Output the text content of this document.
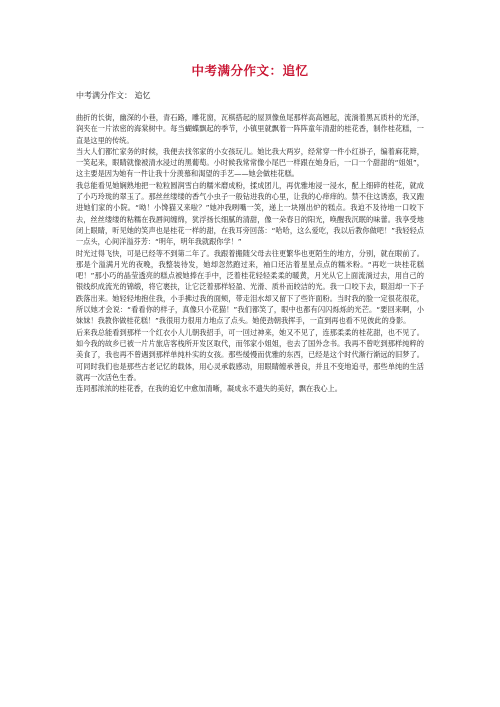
中考满分作文：追忆
中考满分作文： 追忆

曲折的长街，幽深的小巷，青石路，雕花窗，瓦棋搭起的屋顶像鱼尾那样高高翘起，流淌着黑瓦质朴的光泽，润夹在一片浓密的海棠树中。每当蝴蝶飘起的季节，小镇里就飘着一阵阵童年清甜的桂花香，制作桂花糕，一直是这里的传统。

当大人们都忙家务的时候，我便去找邻家的小女孩玩儿。她比我大两岁，经常穿一件小红褂子，编着麻花辫，一笑起来，眼睛就像被清水浸过的黑葡萄。小时候我常常像小尾巴一样跟在她身后，一口一个甜甜的“姐姐”，这主要是因为她有一件让我十分羡慕和渴望的手艺——她会做桂花糕。

我总能看见她娴熟地把一粒粒圆润雪白的糯米磨成粉，揉成团儿，再优雅地浸一浸水，配上细碎的桂花，就成了小巧玲珑的翠玉了。那丝丝缕缕的香气小虫子一般钻进我的心里，让我的心痒痒的。禁不住这诱惑，我又跑进她们家的小院。“呦！小馋猫又来啦？”她冲我咧嘴一笑，递上一块刚出炉的糕点。我迫不及待地一口咬下去，丝丝缕缕的粘糯在我唇间缠绵，犹浮扬长细腻的清甜，像一朵春日的阳光，唤醒我沉眠的味蕾。我享受地闭上眼睛，听见她的笑声也是桂花一样的甜，在我耳旁回荡：“哈哈，这么爱吃，我以后教你做吧！”我轻轻点一点头，心间洋溢芬芳：“明年，明年我就跟你学！”

时光过得飞快，可是已经等不到第二年了。我跟着搬随父母去往更繁华也更陌生的地方，分别，就在眼前了。那是个溢满月光的夜晚，我整装待发，她却忽然跑过来，袖口还沾着星星点点的糯米粉。“再吃一块桂花糕吧！”那小巧的晶莹透亮的糕点被她捧在手中，泛着桂花轻轻柔柔的暖黄，月光从它上面流淌过去，用自己的银线织成流光的锦缎，将它裹扶，让它泛着那样轻盈、光滑、质朴而皎洁的光。我一口咬下去，眼泪却一下子跌落出来。她轻轻地抱住我，小手拂过我的面颊，带走泪水却又留下了些许面粉。当时我的脸一定很花很花，所以她才会说：“看看你的样子，真像只小花猫！”我们都笑了，眼中也都有闪闪烁烁的光芒。“要回来啊，小妹妹！我教你做桂花糕！”我很用力很用力地点了点头。她使劲朝我挥手，一直到再也看不见彼此的身影。

后来我总能看到那样一个红衣小人儿朝我招手，可一回过神来，她又不见了，连那柔柔的桂花甜，也不见了。如今我的故乡已被一片片旅店客栈所开发区取代，而邻家小姐姐，也去了国外念书。我再不曾吃到那样纯粹的美食了，我也再不曾遇到那样单纯朴实的女孩。那些缓慢而优雅的东西，已经是这个时代渐行渐远的旧梦了。可同时我们也是那些古老记忆的载体，用心灵承载感动，用眼睛缠承善良，并且不变地追寻，那些单纯的生活就再一次活色生香。

连同那浓浓的桂花香，在我的追忆中愈加清晰，凝成永不遗失的美好，飘在我心上。
